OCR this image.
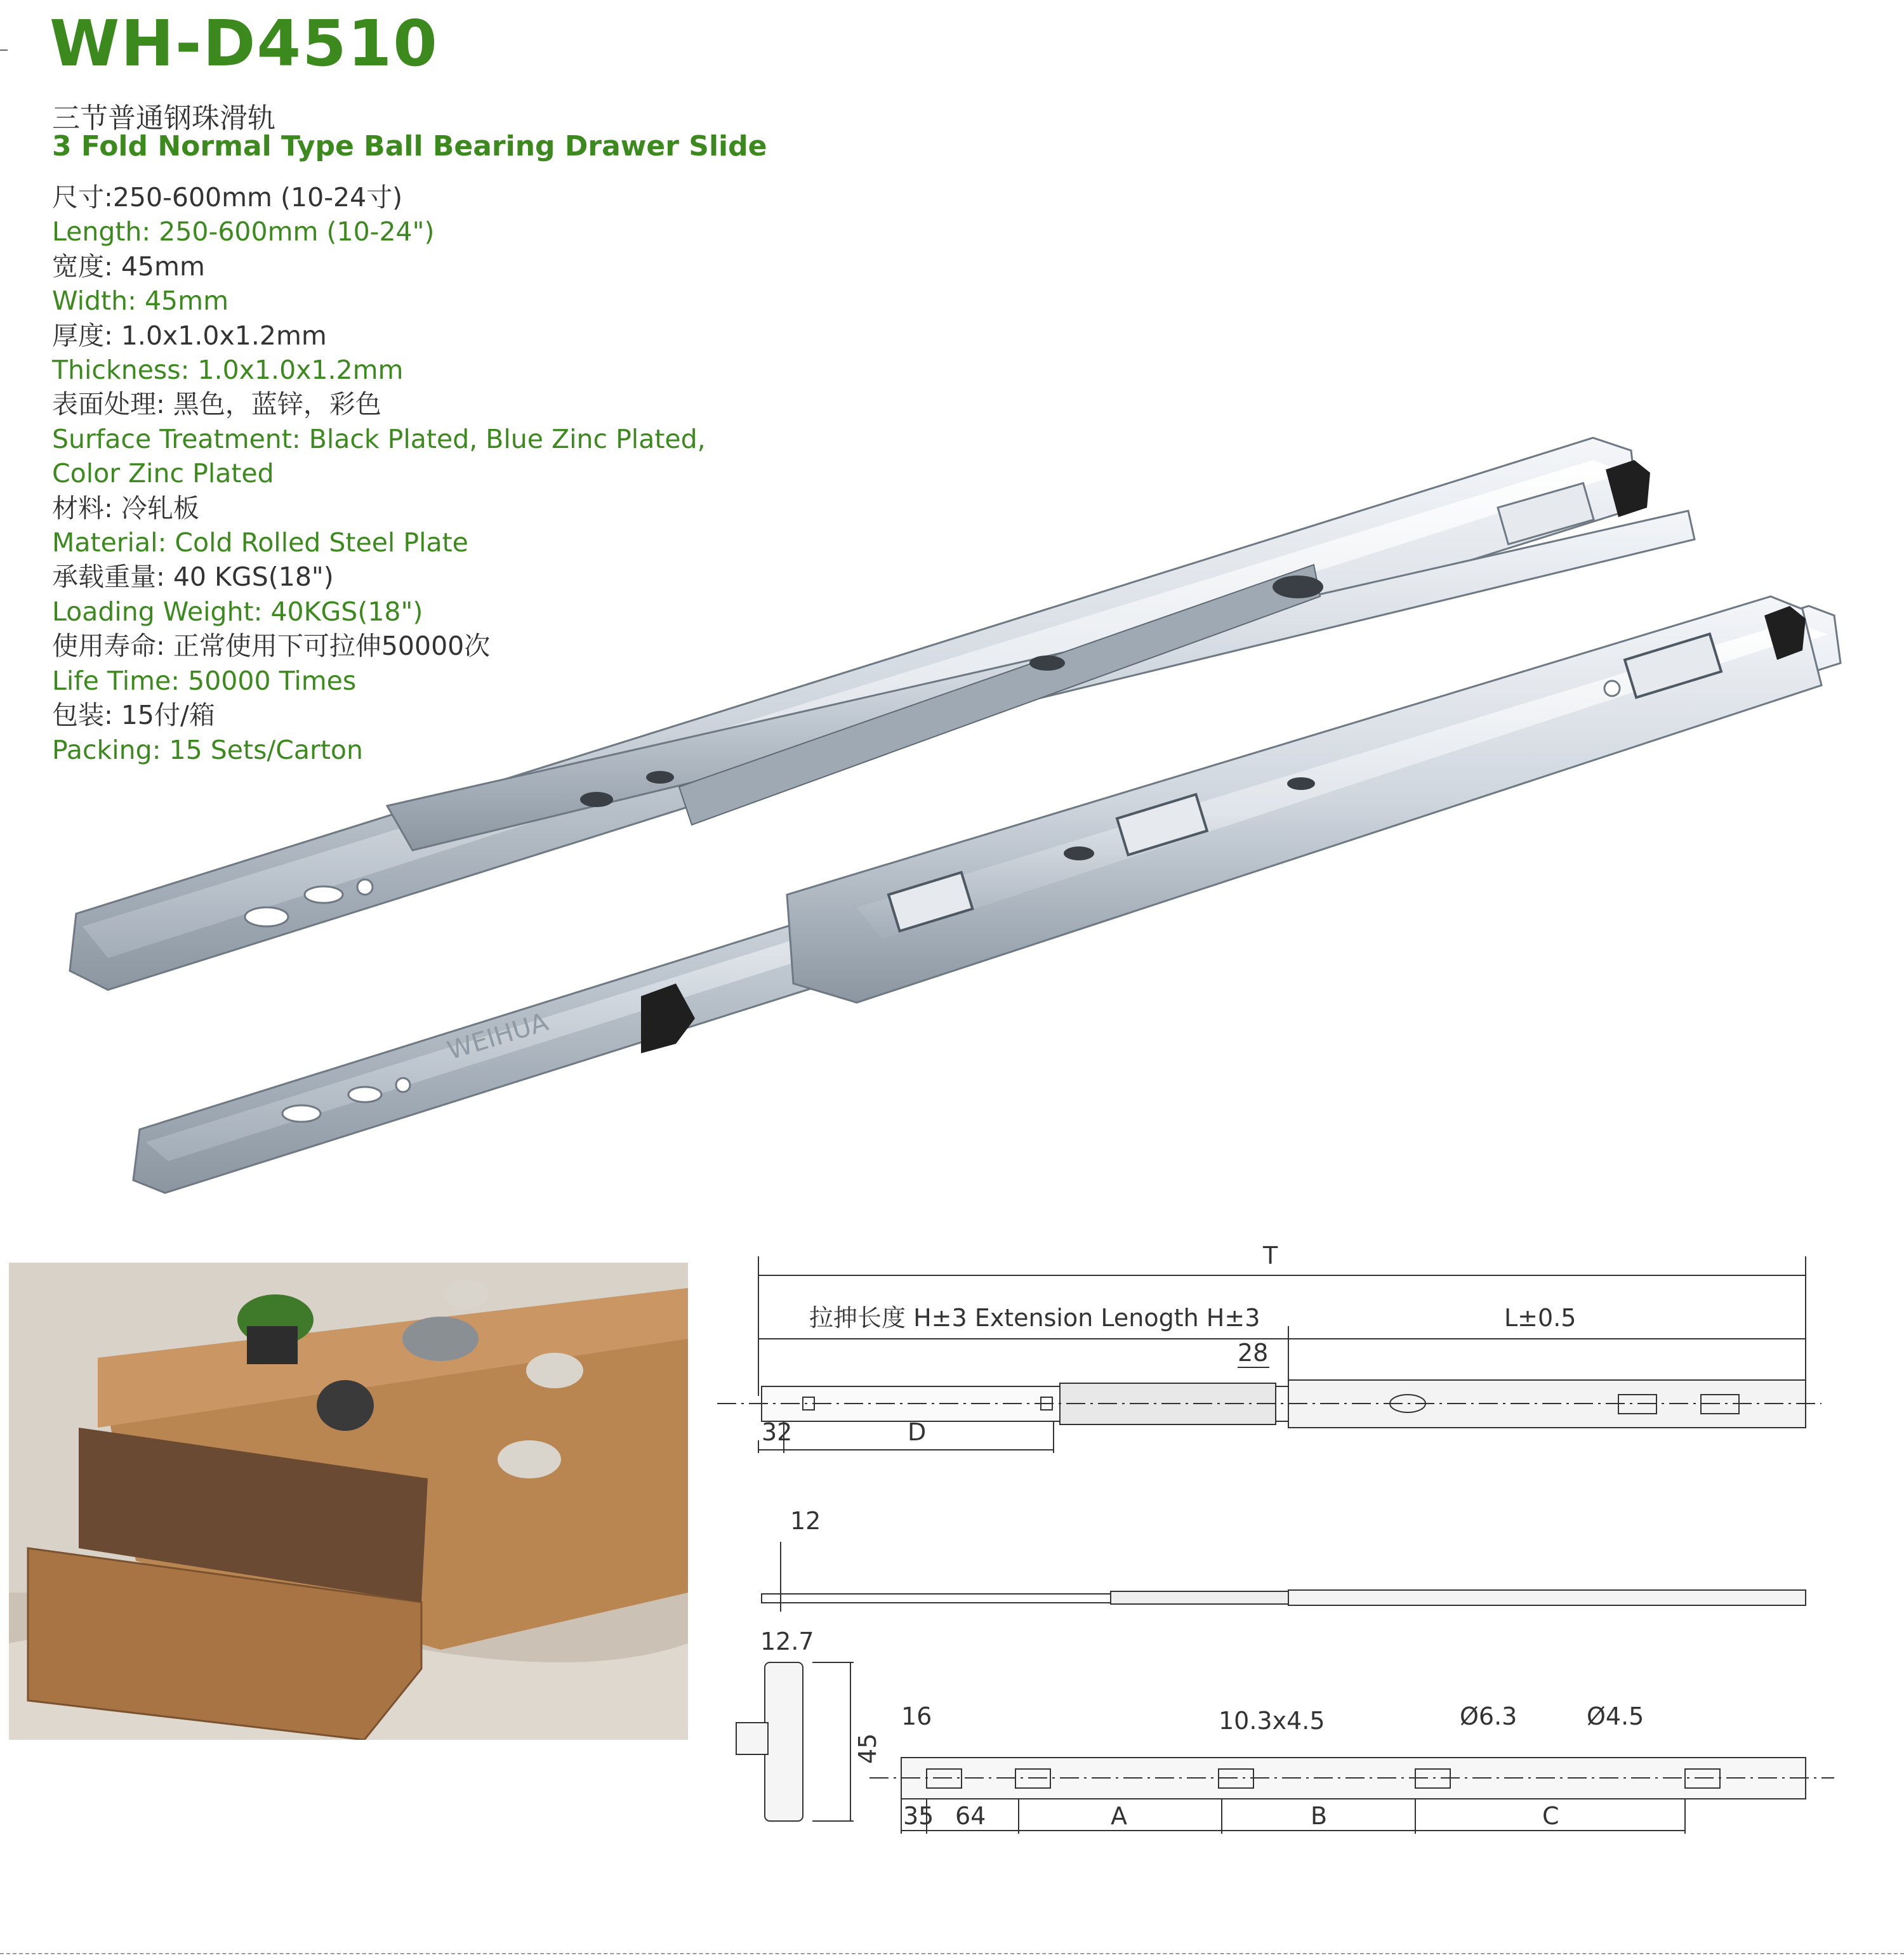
WH-D4510
三节普通钢珠滑轨
3 Fold Normal Type Ball Bearing Drawer Slide
尺寸:250-600mm (10-24寸)
Length: 250-600mm (10-24")
宽度: 45mm
Width: 45mm
厚度: 1.0x1.0x1.2mm
Thickness: 1.0x1.0x1.2mm
表面处理: 黑色，蓝锌，彩色
Surface Treatment: Black Plated, Blue Zinc Plated,
Color Zinc Plated
材料: 冷轧板
Material: Cold Rolled Steel Plate
承载重量: 40 KGS(18")
Loading Weight: 40KGS(18")
使用寿命: 正常使用下可拉伸50000次
Life Time: 50000 Times
包装: 15付/箱
Packing: 15 Sets/Carton
WEIHUA
T
拉抻长度 H±3 Extension Lenogth H±3	L±0.5
28
32	D
12
12.7
45
16	10.3x4.5	Ø6.3	Ø4.5
35 64	A	B	C
